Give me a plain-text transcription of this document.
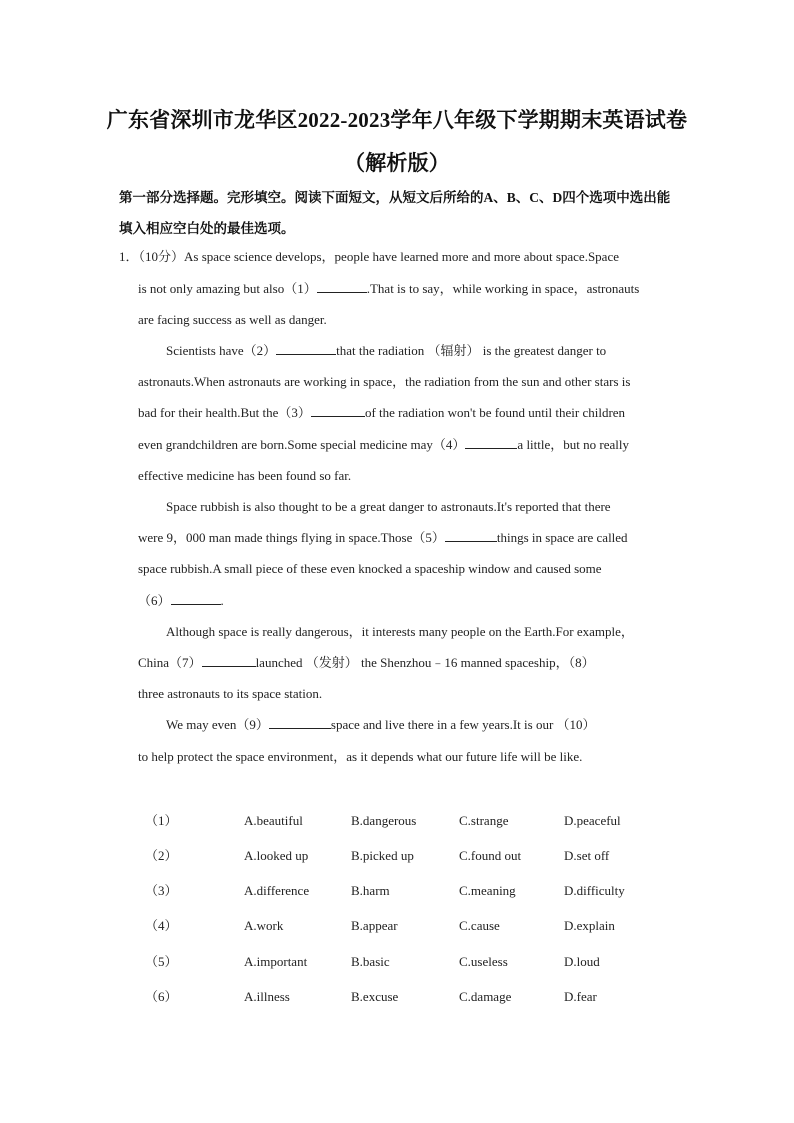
广东省深圳市龙华区2022-2023学年八年级下学期期末英语试卷
（解析版）
第一部分选择题。完形填空。阅读下面短文，从短文后所给的A、B、C、D四个选项中选出能填入相应空白处的最佳选项。
1．（10分）As space science develops，people have learned more and more about space.Space
is not only amazing but also（1）	.That is to say，while working in space，astronauts
are facing success as well as danger.
Scientists have（2）	that the radiation （辐射） is the greatest danger to
astronauts.When astronauts are working in space，the radiation from the sun and other stars is
bad for their health.But the（3）	of the radiation won't be found until their children
even grandchildren are born.Some special medicine may（4）	a little，but no really
effective medicine has been found so far.
Space rubbish is also thought to be a great danger to astronauts.It's reported that there
were 9，000 man made things flying in space.Those（5）	things in space are called
space rubbish.A small piece of these even knocked a spaceship window and caused some
（6）	.
Although space is really dangerous，it interests many people on the Earth.For example，
China（7）	launched （发射） the Shenzhou﹣16 manned spaceship，（8）
three astronauts to its space station.
We may even（9）	space and live there in a few years.It is our （10）
to help protect the space environment，as it depends what our future life will be like.
（1）	A.beautiful	B.dangerous	C.strange	D.peaceful
（2）	A.looked up	B.picked up	C.found out	D.set off
（3）	A.difference	B.harm	C.meaning	D.difficulty
（4）	A.work	B.appear	C.cause	D.explain
（5）	A.important	B.basic	C.useless	D.loud
（6）	A.illness	B.excuse	C.damage	D.fear
